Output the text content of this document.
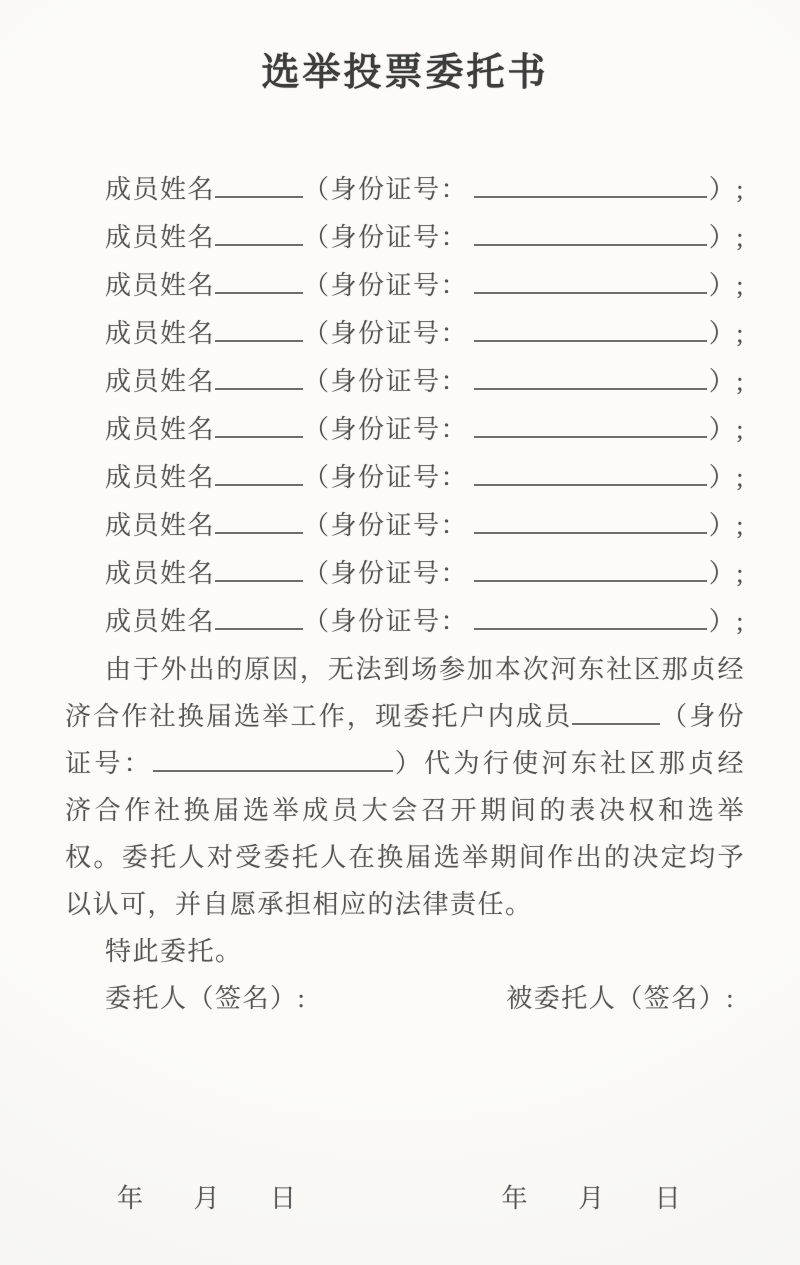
选举投票委托书
成员姓名	（身份证号：	）;
成员姓名	（身份证号：	）;
成员姓名	（身份证号：	）;
成员姓名	（身份证号：	）;
成员姓名	（身份证号：	）;
成员姓名	（身份证号：	）;
成员姓名	（身份证号：	）;
成员姓名	（身份证号：	）;
成员姓名	（身份证号：	）;
成员姓名	（身份证号：	）;

由于外出的原因，无法到场参加本次河东社区那贞经济合作社换届选举工作，现委托户内成员	（身份证号：	）代为行使河东社区那贞经济合作社换届选举成员大会召开期间的表决权和选举权。委托人对受委托人在换届选举期间作出的决定均予以认可，并自愿承担相应的法律责任。

特此委托。

委托人（签名）:	被委托人（签名）:
年 月 日	年 月 日
